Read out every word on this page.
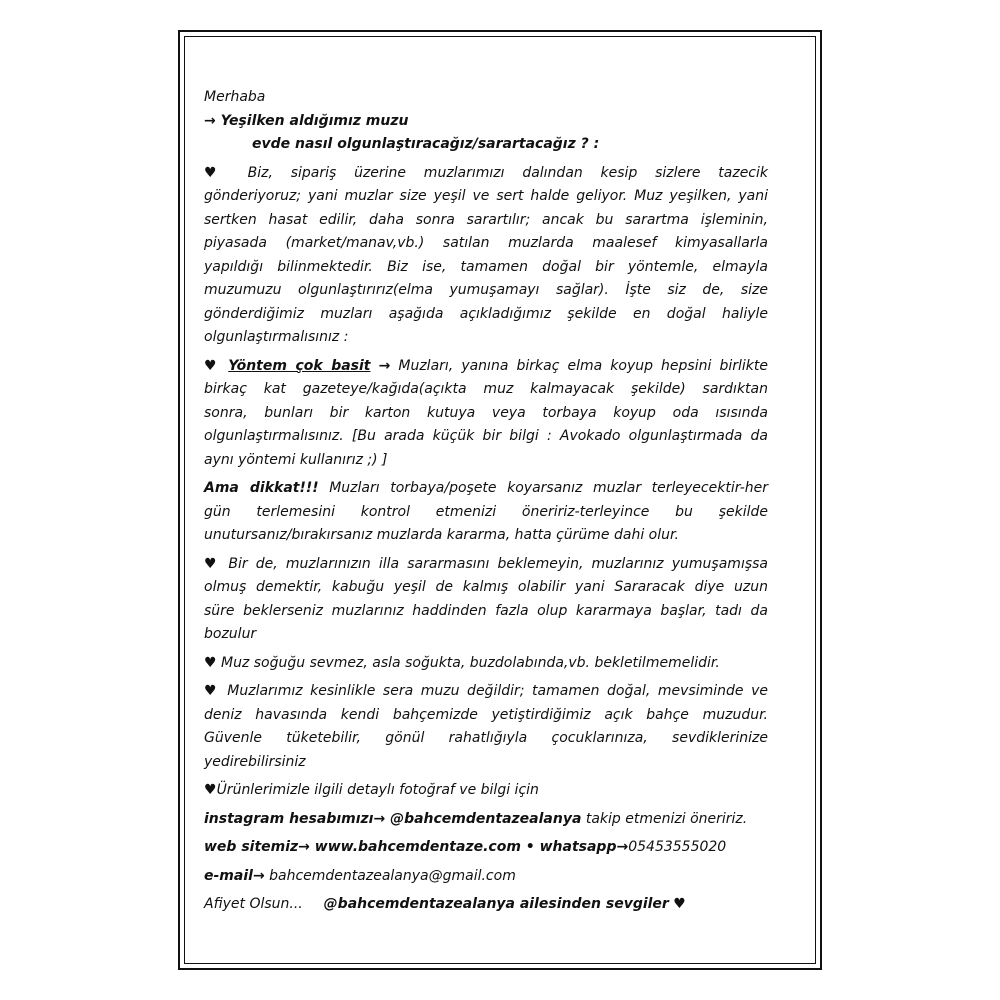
Merhaba
→ Yeşilken aldığımız muzu
evde nasıl olgunlaştıracağız/sarartacağız ? :
♥ Biz, sipariş üzerine muzlarımızı dalından kesip sizlere tazecik
gönderiyoruz; yani muzlar size yeşil ve sert halde geliyor. Muz yeşilken, yani
sertken hasat edilir, daha sonra sarartılır; ancak bu sarartma işleminin,
piyasada (market/manav,vb.) satılan muzlarda maalesef kimyasallarla
yapıldığı bilinmektedir. Biz ise, tamamen doğal bir yöntemle, elmayla
muzumuzu olgunlaştırırız(elma yumuşamayı sağlar). İşte siz de, size
gönderdiğimiz muzları aşağıda açıkladığımız şekilde en doğal haliyle
olgunlaştırmalısınız :
♥ Yöntem çok basit → Muzları, yanına birkaç elma koyup hepsini birlikte
birkaç kat gazeteye/kağıda(açıkta muz kalmayacak şekilde) sardıktan
sonra, bunları bir karton kutuya veya torbaya koyup oda ısısında
olgunlaştırmalısınız. [Bu arada küçük bir bilgi : Avokado olgunlaştırmada da
aynı yöntemi kullanırız ;) ]
Ama dikkat!!! Muzları torbaya/poşete koyarsanız muzlar terleyecektir-her
gün terlemesini kontrol etmenizi öneririz-terleyince bu şekilde
unutursanız/bırakırsanız muzlarda kararma, hatta çürüme dahi olur.
♥ Bir de, muzlarınızın illa sararmasını beklemeyin, muzlarınız yumuşamışsa
olmuş demektir, kabuğu yeşil de kalmış olabilir yani Sararacak diye uzun
süre beklerseniz muzlarınız haddinden fazla olup kararmaya başlar, tadı da
bozulur
♥ Muz soğuğu sevmez, asla soğukta, buzdolabında,vb. bekletilmemelidir.
♥ Muzlarımız kesinlikle sera muzu değildir; tamamen doğal, mevsiminde ve
deniz havasında kendi bahçemizde yetiştirdiğimiz açık bahçe muzudur.
Güvenle tüketebilir, gönül rahatlığıyla çocuklarınıza, sevdiklerinize
yedirebilirsiniz
♥Ürünlerimizle ilgili detaylı fotoğraf ve bilgi için
instagram hesabımızı→ @bahcemdentazealanya takip etmenizi öneririz.
web sitemiz→ www.bahcemdentaze.com • whatsapp→05453555020
e-mail→ bahcemdentazealanya@gmail.com
Afiyet Olsun... @bahcemdentazealanya ailesinden sevgiler ♥
